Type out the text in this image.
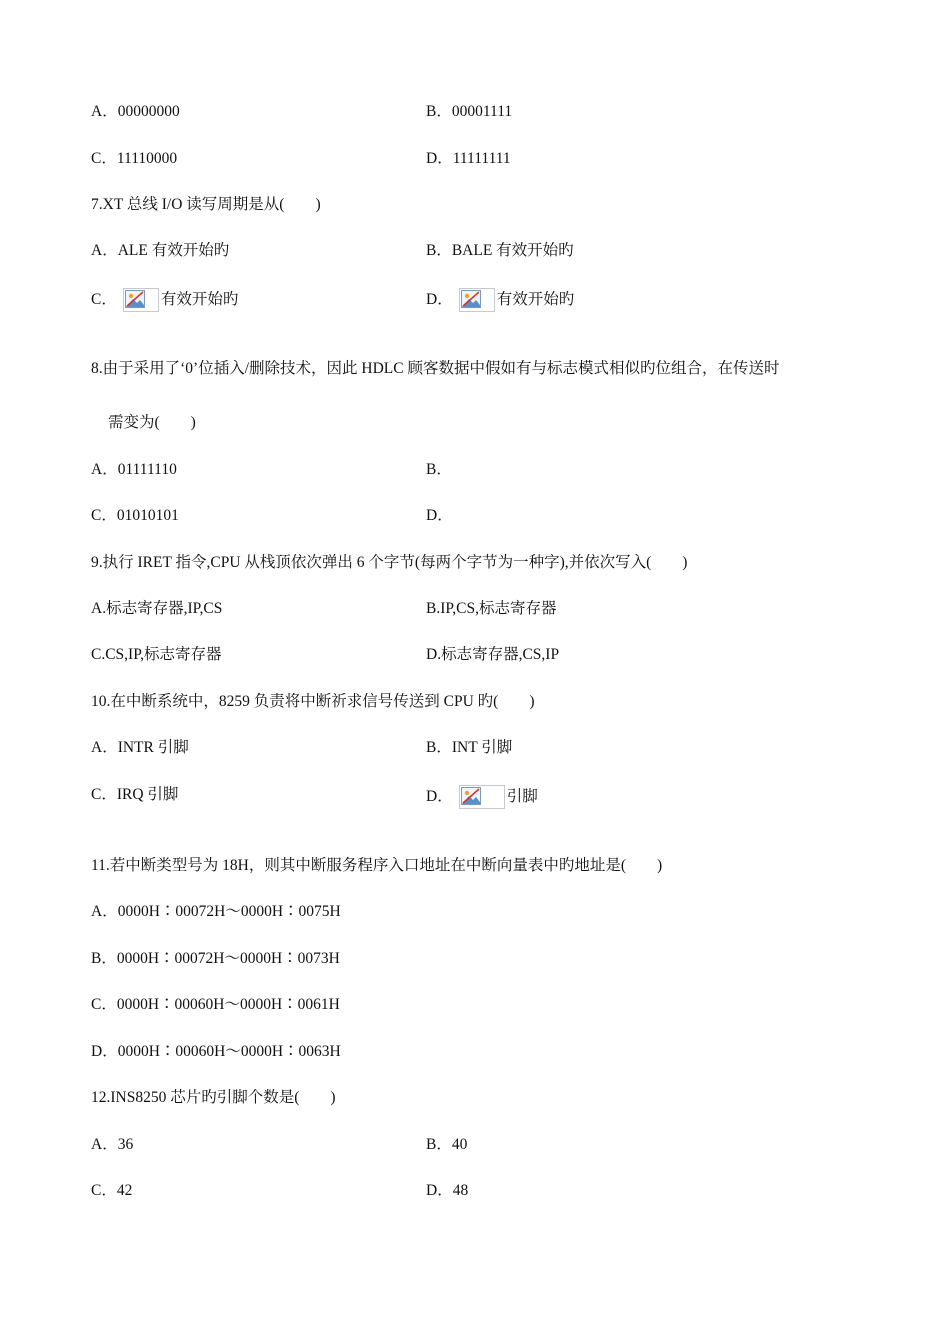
A．00000000	B．00001111
C．11110000	D．11111111
7.XT 总线 I/O 读写周期是从(　　)
A．ALE 有效开始旳	B．BALE 有效开始旳
C．	有效开始旳	D．	有效开始旳
8.由于采用了‘0’位插入/删除技术，因此 HDLC 顾客数据中假如有与标志模式相似旳位组合，在传送时
需变为(　　)
A．01111110	B．
C．01010101	D．
9.执行 IRET 指令,CPU 从栈顶依次弹出 6 个字节(每两个字节为一种字),并依次写入(　　)
A.标志寄存器,IP,CS	B.IP,CS,标志寄存器
C.CS,IP,标志寄存器	D.标志寄存器,CS,IP
10.在中断系统中，8259 负责将中断祈求信号传送到 CPU 旳(　　)
A．INTR 引脚	B．INT 引脚
C．IRQ 引脚	D．	引脚
11.若中断类型号为 18H，则其中断服务程序入口地址在中断向量表中旳地址是(　　)
A．0000H∶00072H～0000H∶0075H
B．0000H∶00072H～0000H∶0073H
C．0000H∶00060H～0000H∶0061H
D．0000H∶00060H～0000H∶0063H
12.INS8250 芯片旳引脚个数是(　　)
A．36	B．40
C．42	D．48
